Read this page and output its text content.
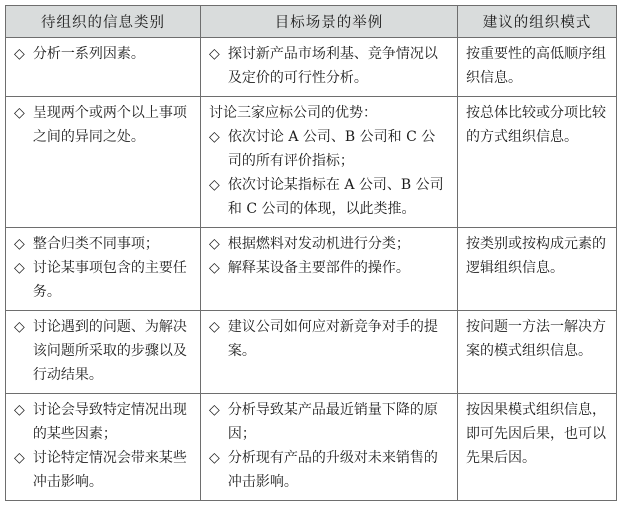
待组织的信息类别	目标场景的举例	建议的组织模式

◇ 分析一系列因素。	◇ 探讨新产品市场利基、竞争情况以及定价的可行性分析。	按重要性的高低顺序组织信息。

◇ 呈现两个或两个以上事项之间的异同之处。	讨论三家应标公司的优势：
◇ 依次讨论 A 公司、B 公司和 C 公司的所有评价指标；
◇ 依次讨论某指标在 A 公司、B 公司和 C 公司的体现，以此类推。	按总体比较或分项比较的方式组织信息。

◇ 整合归类不同事项；
◇ 讨论某事项包含的主要任务。	◇ 根据燃料对发动机进行分类；
◇ 解释某设备主要部件的操作。	按类别或按构成元素的逻辑组织信息。

◇ 讨论遇到的问题、为解决该问题所采取的步骤以及行动结果。	◇ 建议公司如何应对新竞争对手的提案。	按问题一方法一解决方案的模式组织信息。

◇ 讨论会导致特定情况出现的某些因素；
◇ 讨论特定情况会带来某些冲击影响。	◇ 分析导致某产品最近销量下降的原因；
◇ 分析现有产品的升级对未来销售的冲击影响。	按因果模式组织信息，即可先因后果，也可以先果后因。
